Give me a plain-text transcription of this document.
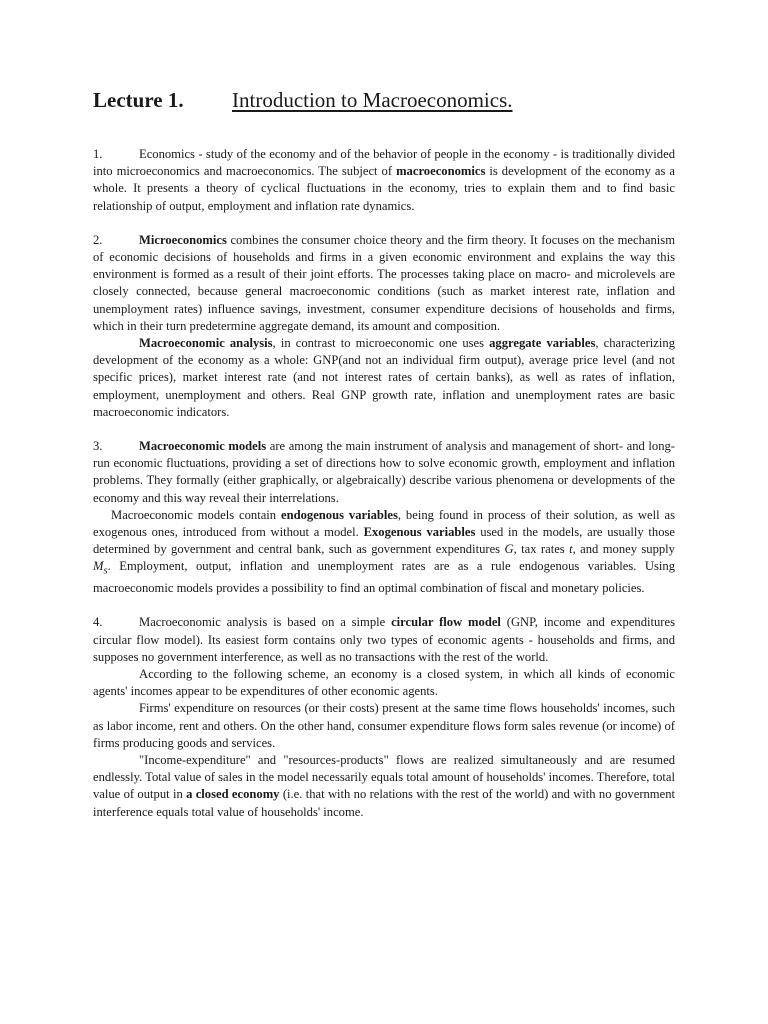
Lecture 1. Introduction to Macroeconomics.

1.	Economics - study of the economy and of the behavior of people in the economy - is traditionally divided into microeconomics and macroeconomics. The subject of macroeconomics is development of the economy as a whole. It presents a theory of cyclical fluctuations in the economy, tries to explain them and to find basic relationship of output, employment and inflation rate dynamics.

2.	Microeconomics combines the consumer choice theory and the firm theory. It focuses on the mechanism of economic decisions of households and firms in a given economic environment and explains the way this environment is formed as a result of their joint efforts. The processes taking place on macro- and microlevels are closely connected, because general macroeconomic conditions (such as market interest rate, inflation and unemployment rates) influence savings, investment, consumer expenditure decisions of households and firms, which in their turn predetermine aggregate demand, its amount and composition.

Macroeconomic analysis, in contrast to microeconomic one uses aggregate variables, characterizing development of the economy as a whole: GNP(and not an individual firm output), average price level (and not specific prices), market interest rate (and not interest rates of certain banks), as well as rates of inflation, employment, unemployment and others. Real GNP growth rate, inflation and unemployment rates are basic macroeconomic indicators.

3.	Macroeconomic models are among the main instrument of analysis and management of short- and long-run economic fluctuations, providing a set of directions how to solve economic growth, employment and inflation problems. They formally (either graphically, or algebraically) describe various phenomena or developments of the economy and this way reveal their interrelations.

Macroeconomic models contain endogenous variables, being found in process of their solution, as well as exogenous ones, introduced from without a model. Exogenous variables used in the models, are usually those determined by government and central bank, such as government expenditures G, tax rates t, and money supply $M_s$. Employment, output, inflation and unemployment rates are as a rule endogenous variables. Using macroeconomic models provides a possibility to find an optimal combination of fiscal and monetary policies.

4.	Macroeconomic analysis is based on a simple circular flow model (GNP, income and expenditures circular flow model). Its easiest form contains only two types of economic agents - households and firms, and supposes no government interference, as well as no transactions with the rest of the world.

According to the following scheme, an economy is a closed system, in which all kinds of economic agents' incomes appear to be expenditures of other economic agents.

Firms' expenditure on resources (or their costs) present at the same time flows households' incomes, such as labor income, rent and others. On the other hand, consumer expenditure flows form sales revenue (or income) of firms producing goods and services.

"Income-expenditure" and "resources-products" flows are realized simultaneously and are resumed endlessly. Total value of sales in the model necessarily equals total amount of households' incomes. Therefore, total value of output in a closed economy (i.e. that with no relations with the rest of the world) and with no government interference equals total value of households' income.
